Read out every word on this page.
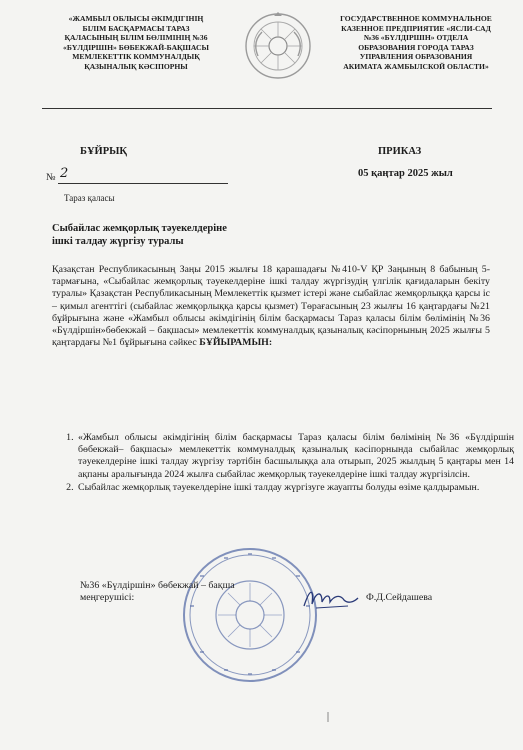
«ЖАМБЫЛ ОБЛЫСЫ ӘКІМДІГІНІҢ
БІЛІМ БАСҚАРМАСЫ ТАРАЗ
ҚАЛАСЫНЫҢ БІЛІМ БӨЛІМІНІҢ №36
«БҮЛДІРШІН» БӨБЕКЖАЙ-БАҚШАСЫ
МЕМЛЕКЕТТІК КОММУНАЛДЫҚ
ҚАЗЫНАЛЫҚ КӘСІПОРНЫ
ГОСУДАРСТВЕННОЕ КОММУНАЛЬНОЕ
КАЗЕННОЕ ПРЕДПРИЯТИЕ «ЯСЛИ-САД
№36 «БҮЛДІРШІН» ОТДЕЛА
ОБРАЗОВАНИЯ ГОРОДА ТАРАЗ
УПРАВЛЕНИЯ ОБРАЗОВАНИЯ
АКИМАТА ЖАМБЫЛСКОЙ ОБЛАСТИ»
БҰЙРЫҚ	ПРИКАЗ
№ 2	05 қаңтар 2025 жыл
Тараз қаласы
Сыбайлас жемқорлық тәуекелдеріне
ішкі талдау жүргізу туралы
Қазақстан Республикасының Заңы 2015 жылғы 18 қарашадағы №410-V ҚР Заңының 8 бабының 5-тармағына, «Сыбайлас жемқорлық тәуекелдеріне ішкі талдау жүргізудің үлгілік қағидаларын бекіту туралы» Қазақстан Республикасының Мемлекеттік қызмет істері және сыбайлас жемқорлыққа қарсы іс – қимыл агенттігі (сыбайлас жемқорлыққа қарсы қызмет) Төрағасының 23 жылғы 16 қаңтардағы №21 бұйрығына және «Жамбыл облысы әкімдігінің білім басқармасы Тараз қаласы білім бөлімінің №36 «Бүлдіршін»бөбекжай – бақшасы» мемлекеттік коммуналдық қазыналық кәсіпорнының 2025 жылғы 5 қаңтардағы №1 бұйрығына сәйкес БҰЙЫРАМЫН:
1. «Жамбыл облысы әкімдігінің білім басқармасы Тараз қаласы білім бөлімінің №36 «Бүлдіршін бөбекжай– бақшасы» мемлекеттік коммуналдық қазыналық кәсіпорнында сыбайлас жемқорлық тәуекелдеріне ішкі талдау жүргізу тәртібін басшылыққа ала отырып, 2025 жылдың 5 қаңтары мен 14 ақпаны аралығында 2024 жылға сыбайлас жемқорлық тәуекелдеріне ішкі талдау жүргізілсін.
2. Сыбайлас жемқорлық тәуекелдеріне ішкі талдау жүргізуге жауапты болуды өзіме қалдырамын.
№36 «Бүлдіршін» бөбекжай – бақша
меңгерушісі:	Ф.Д.Сейдашева
